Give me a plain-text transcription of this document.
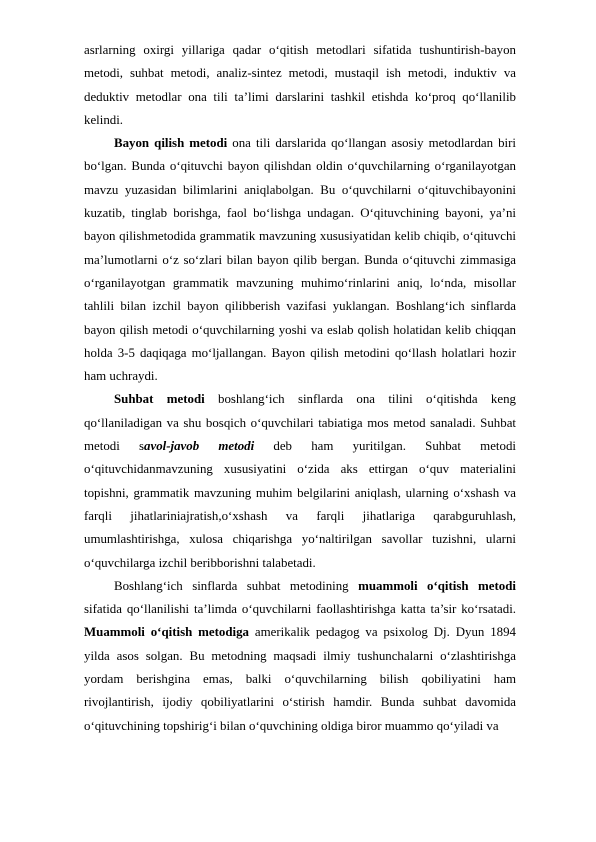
asrlarning oxirgi yillariga qadar o‘qitish metodlari sifatida tushuntirish-bayon metodi, suhbat metodi, analiz-sintez metodi, mustaqil ish metodi, induktiv va deduktiv metodlar ona tili ta’limi darslarini tashkil etishda ko‘proq qo‘llanilib kelindi.

Bayon qilish metodi ona tili darslarida qo‘llangan asosiy metodlardan biri bo‘lgan. Bunda o‘qituvchi bayon qilishdan oldin o‘quvchilarning o‘rganilayotgan mavzu yuzasidan bilimlarini aniqlabolgan. Bu o‘quvchilarni o‘qituvchibayonini kuzatib, tinglab borishga, faol bo‘lishga undagan. O‘qituvchining bayoni, ya’ni bayon qilishmetodida grammatik mavzuning xususiyatidan kelib chiqib, o‘qituvchi ma’lumotlarni o‘z so‘zlari bilan bayon qilib bergan. Bunda o‘qituvchi zimmasiga o‘rganilayotgan grammatik mavzuning muhimo‘rinlarini aniq, lo‘nda, misollar tahlili bilan izchil bayon qilibberish vazifasi yuklangan. Boshlang‘ich sinflarda bayon qilish metodi o‘quvchilarning yoshi va eslab qolish holatidan kelib chiqqan holda 3-5 daqiqaga mo‘ljallangan. Bayon qilish metodini qo‘llash holatlari hozir ham uchraydi.

Suhbat metodi boshlang‘ich sinflarda ona tilini o‘qitishda keng qo‘llaniladigan va shu bosqich o‘quvchilari tabiatiga mos metod sanaladi. Suhbat metodi savol-javob metodi deb ham yuritilgan. Suhbat metodi o‘qituvchidanmavzuning xususiyatini o‘zida aks ettirgan o‘quv materialini topishni, grammatik mavzuning muhim belgilarini aniqlash, ularning o‘xshash va farqli jihatlariniajratish,o‘xshash va farqli jihatlariga qarabguruhlash, umumlashtirishga, xulosa chiqarishga yo‘naltirilgan savollar tuzishni, ularni o‘quvchilarga izchil beribborishni talabetadi.

Boshlang‘ich sinflarda suhbat metodining muammoli o‘qitish metodi sifatida qo‘llanilishi ta’limda o‘quvchilarni faollashtirishga katta ta’sir ko‘rsatadi. Muammoli o‘qitish metodiga amerikalik pedagog va psixolog Dj. Dyun 1894 yilda asos solgan. Bu metodning maqsadi ilmiy tushunchalarni o‘zlashtirishga yordam berishgina emas, balki o‘quvchilarning bilish qobiliyatini ham rivojlantirish, ijodiy qobiliyatlarini o‘stirish hamdir. Bunda suhbat davomida o‘qituvchining topshirig‘i bilan o‘quvchining oldiga biror muammo qo‘yiladi va
